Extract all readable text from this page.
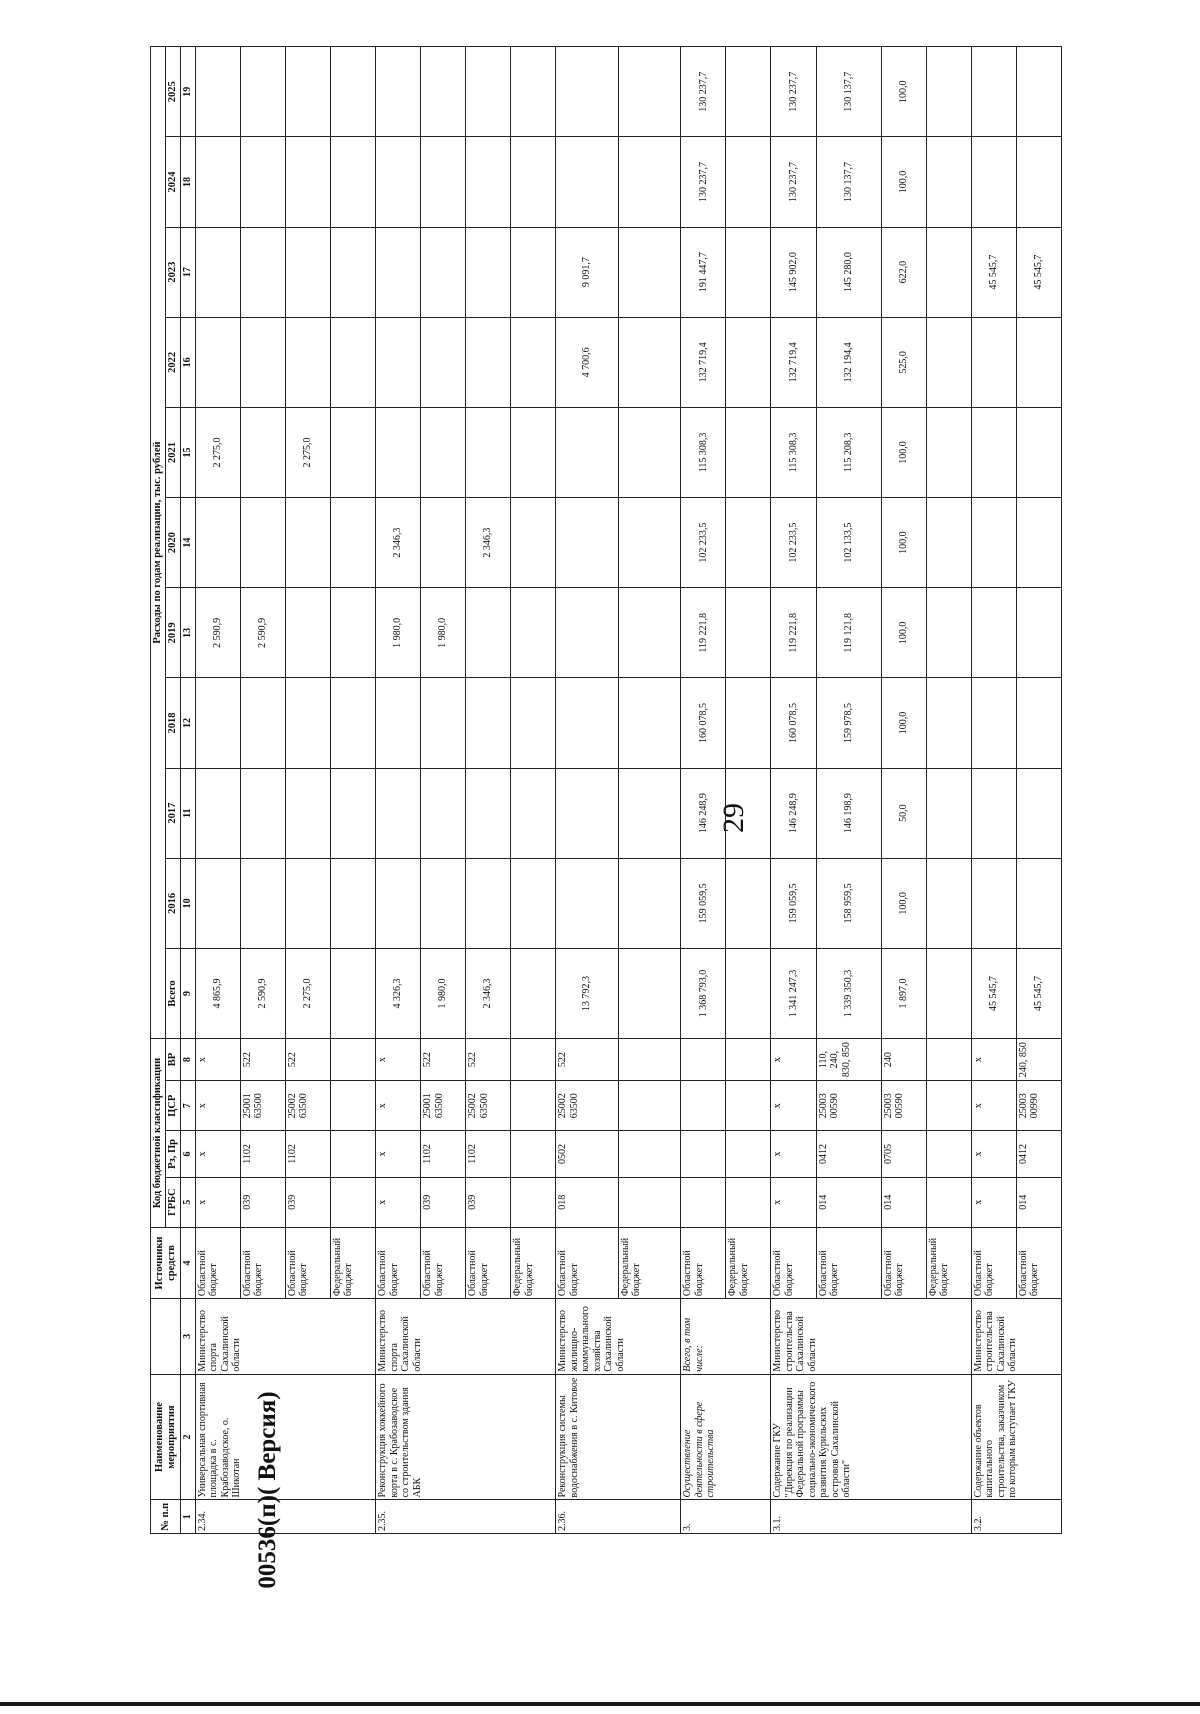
29
00536(п)( Версия)
№ п.п	Наименование мероприятия		Источники средств	Код бюджетной классификации				Расходы по годам реализации, тыс. рублей										
				ГРБС	Рз, Пр	ЦСР	ВР	Всего	2016	2017	2018	2019	2020	2021	2022	2023	2024	2025
1	2	3	4	5	6	7	8	9	10	11	12	13	14	15	16	17	18	19
2.34.	Универсальная спортивная площадка в с. Крабозаводское, о. Шикотан	Министерство спорта Сахалинской области	Областной бюджет	х	х	х	х	4 865,9				2 590,9		2 275,0				
			Областной бюджет	039	1102	25001 63500	522	2 590,9				2 590,9						
			Областной бюджет	039	1102	25002 63500	522	2 275,0						2 275,0				
			Федеральный бюджет															
2.35.	Реконструкция хоккейного корта в с. Крабозаводское со строительством здания АБК	Министерство спорта Сахалинской области	Областной бюджет	х	х	х	х	4 326,3				1 980,0	2 346,3					
			Областной бюджет	039	1102	25001 63500	522	1 980,0				1 980,0						
			Областной бюджет	039	1102	25002 63500	522	2 346,3					2 346,3					
			Федеральный бюджет															
2.36.	Реконструкция системы водоснабжения в с. Китовое	Министерство жилищно-коммунального хозяйства Сахалинской области	Областной бюджет	018	0502	25002 63500	522	13 792,3							4 700,6	9 091,7		
			Федеральный бюджет															
3.	Осуществление деятельности в сфере строительства	Всего, в том числе:	Областной бюджет					1 368 793,0	159 059,5	146 248,9	160 078,5	119 221,8	102 233,5	115 308,3	132 719,4	191 447,7	130 237,7	130 237,7
			Федеральный бюджет															
3.1.	Содержание ГКУ "Дирекция по реализации Федеральной программы социально-экономического развития Курильских островов Сахалинской области"	Министерство строительства Сахалинской области	Областной бюджет	х	х	х	х	1 341 247,3	159 059,5	146 248,9	160 078,5	119 221,8	102 233,5	115 308,3	132 719,4	145 902,0	130 237,7	130 237,7
			Областной бюджет	014	0412	25003 00590	110, 240, 830, 850	1 339 350,3	158 959,5	146 198,9	159 978,5	119 121,8	102 133,5	115 208,3	132 194,4	145 280,0	130 137,7	130 137,7
			Областной бюджет	014	0705	25003 00590	240	1 897,0	100,0	50,0	100,0	100,0	100,0	100,0	525,0	622,0	100,0	100,0
			Федеральный бюджет															
3.2.	Содержание объектов капитального строительства, заказчиком по которым выступает ГКУ	Министерство строительства Сахалинской области	Областной бюджет	х	х	х	х	45 545,7								45 545,7		
			Областной бюджет	014	0412	25003 00990	240, 850	45 545,7								45 545,7		
